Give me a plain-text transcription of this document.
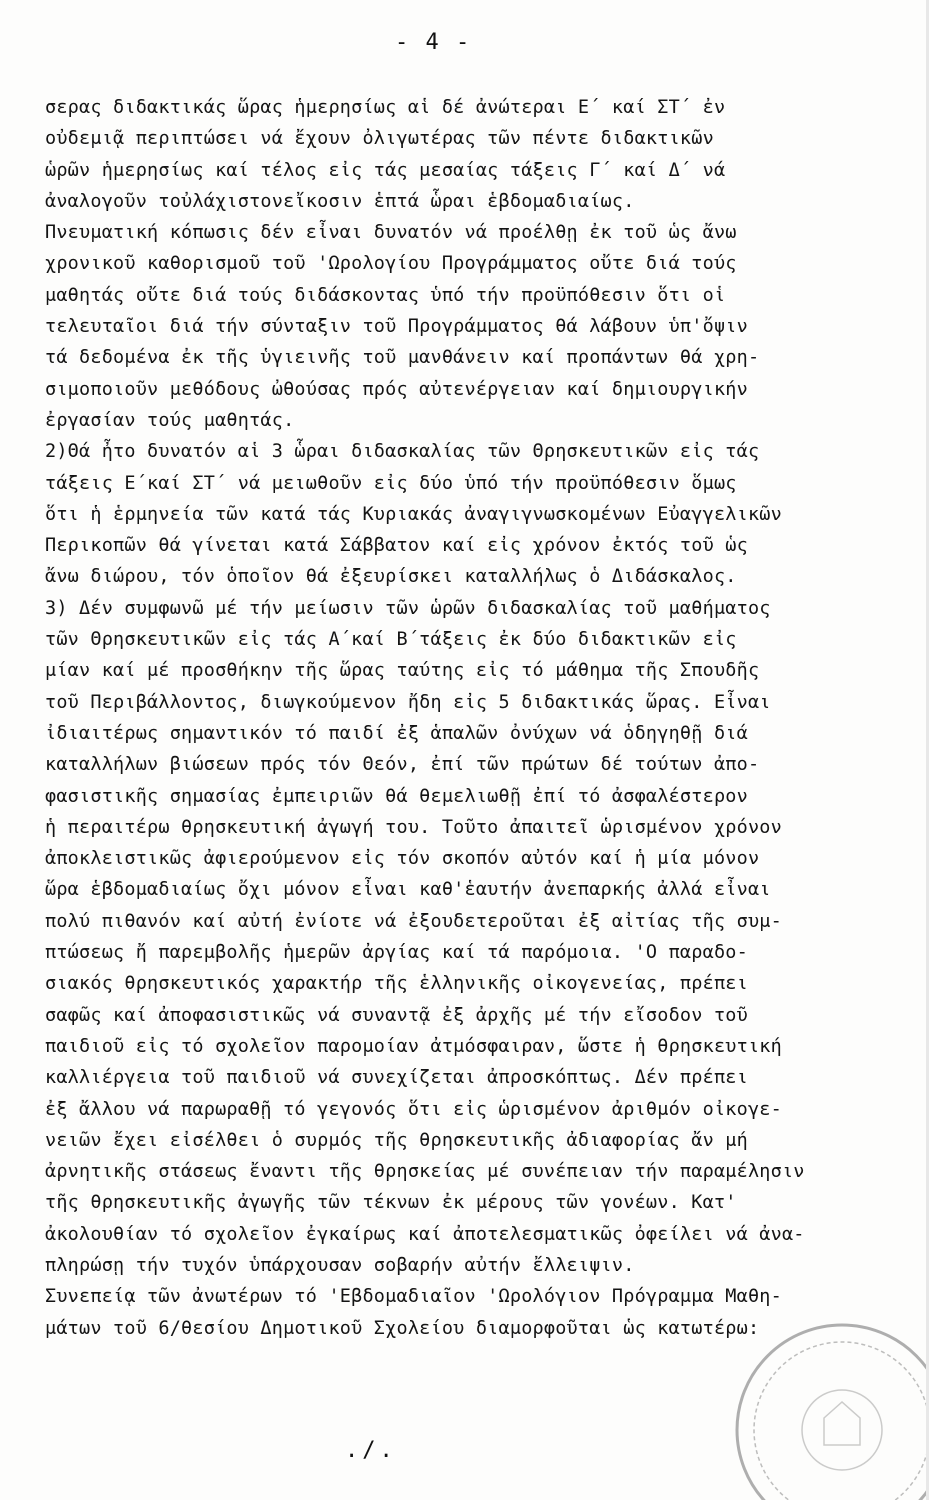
- 4 -
σερας διδακτικάς ὥρας ἡμερησίως αἱ δέ ἀνώτεραι Ε΄ καί ΣΤ΄ ἐν
οὐδεμιᾷ περιπτώσει νά ἔχουν ὀλιγωτέρας τῶν πέντε διδακτικῶν
ὡρῶν ἡμερησίως καί τέλος εἰς τάς μεσαίας τάξεις Γ΄ καί Δ΄ νά
ἀναλογοῦν τοὐλάχιστονεἴκοσιν ἑπτά ὧραι ἑβδομαδιαίως.
Πνευματική κόπωσις δέν εἶναι δυνατόν νά προέλθῃ ἐκ τοῦ ὡς ἄνω
χρονικοῦ καθορισμοῦ τοῦ 'Ωρολογίου Προγράμματος οὔτε διά τούς
μαθητάς οὔτε διά τούς διδάσκοντας ὑπό τήν προϋπόθεσιν ὅτι οἱ
τελευταῖοι διά τήν σύνταξιν τοῦ Προγράμματος θά λάβουν ὑπ'ὄψιν
τά δεδομένα ἐκ τῆς ὑγιεινῆς τοῦ μανθάνειν καί προπάντων θά χρη-
σιμοποιοῦν μεθόδους ὠθούσας πρός αὐτενέργειαν καί δημιουργικήν
ἐργασίαν τούς μαθητάς.
2)Θά ἦτο δυνατόν αἱ 3 ὧραι διδασκαλίας τῶν Θρησκευτικῶν εἰς τάς
τάξεις Ε΄καί ΣΤ΄ νά μειωθοῦν εἰς δύο ὑπό τήν προϋπόθεσιν ὅμως
ὅτι ἡ ἑρμηνεία τῶν κατά τάς Κυριακάς ἀναγιγνωσκομένων Εὐαγγελικῶν
Περικοπῶν θά γίνεται κατά Σάββατον καί εἰς χρόνον ἐκτός τοῦ ὡς
ἄνω διώρου, τόν ὁποῖον θά ἐξευρίσκει καταλλήλως ὁ Διδάσκαλος.
3) Δέν συμφωνῶ μέ τήν μείωσιν τῶν ὡρῶν διδασκαλίας τοῦ μαθήματος
τῶν Θρησκευτικῶν εἰς τάς Α΄καί Β΄τάξεις ἐκ δύο διδακτικῶν εἰς
μίαν καί μέ προσθήκην τῆς ὥρας ταύτης εἰς τό μάθημα τῆς Σπουδῆς
τοῦ Περιβάλλοντος, διωγκούμενον ἤδη εἰς 5 διδακτικάς ὥρας. Εἶναι
ἰδιαιτέρως σημαντικόν τό παιδί ἐξ ἁπαλῶν ὀνύχων νά ὁδηγηθῇ διά
καταλλήλων βιώσεων πρός τόν Θεόν, ἐπί τῶν πρώτων δέ τούτων ἀπο-
φασιστικῆς σημασίας ἐμπειριῶν θά θεμελιωθῇ ἐπί τό ἀσφαλέστερον
ἡ περαιτέρω θρησκευτική ἀγωγή του. Τοῦτο ἀπαιτεῖ ὡρισμένον χρόνον
ἀποκλειστικῶς ἀφιερούμενον εἰς τόν σκοπόν αὐτόν καί ἡ μία μόνον
ὥρα ἑβδομαδιαίως ὄχι μόνον εἶναι καθ'ἑαυτήν ἀνεπαρκής ἀλλά εἶναι
πολύ πιθανόν καί αὐτή ἐνίοτε νά ἐξουδετεροῦται ἐξ αἰτίας τῆς συμ-
πτώσεως ἤ παρεμβολῆς ἡμερῶν ἀργίας καί τά παρόμοια. 'Ο παραδο-
σιακός θρησκευτικός χαρακτήρ τῆς ἑλληνικῆς οἰκογενείας, πρέπει
σαφῶς καί ἀποφασιστικῶς νά συναντᾷ ἐξ ἀρχῆς μέ τήν εἴσοδον τοῦ
παιδιοῦ εἰς τό σχολεῖον παρομοίαν ἀτμόσφαιραν, ὥστε ἡ θρησκευτική
καλλιέργεια τοῦ παιδιοῦ νά συνεχίζεται ἀπροσκόπτως. Δέν πρέπει
ἐξ ἄλλου νά παρωραθῇ τό γεγονός ὅτι εἰς ὡρισμένον ἀριθμόν οἰκογε-
νειῶν ἔχει εἰσέλθει ὁ συρμός τῆς θρησκευτικῆς ἀδιαφορίας ἄν μή
ἀρνητικῆς στάσεως ἔναντι τῆς θρησκείας μέ συνέπειαν τήν παραμέλησιν
τῆς θρησκευτικῆς ἀγωγῆς τῶν τέκνων ἐκ μέρους τῶν γονέων. Κατ'
ἀκολουθίαν τό σχολεῖον ἐγκαίρως καί ἀποτελεσματικῶς ὀφείλει νά ἀνα-
πληρώσῃ τήν τυχόν ὑπάρχουσαν σοβαρήν αὐτήν ἔλλειψιν.
Συνεπείᾳ τῶν ἀνωτέρων τό 'Εβδομαδιαῖον 'Ωρολόγιον Πρόγραμμα Μαθη-
μάτων τοῦ 6/θεσίου Δημοτικοῦ Σχολείου διαμορφοῦται ὡς κατωτέρω:
./.
